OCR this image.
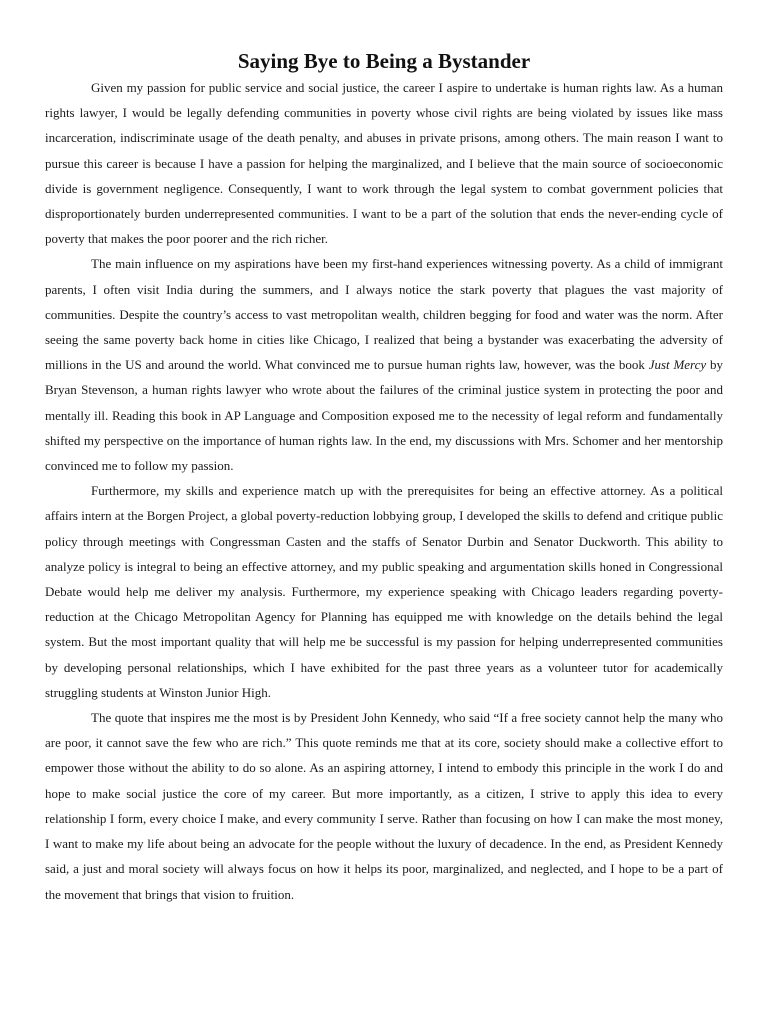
Saying Bye to Being a Bystander

Given my passion for public service and social justice, the career I aspire to undertake is human rights law. As a human rights lawyer, I would be legally defending communities in poverty whose civil rights are being violated by issues like mass incarceration, indiscriminate usage of the death penalty, and abuses in private prisons, among others. The main reason I want to pursue this career is because I have a passion for helping the marginalized, and I believe that the main source of socioeconomic divide is government negligence. Consequently, I want to work through the legal system to combat government policies that disproportionately burden underrepresented communities. I want to be a part of the solution that ends the never-ending cycle of poverty that makes the poor poorer and the rich richer.

The main influence on my aspirations have been my first-hand experiences witnessing poverty. As a child of immigrant parents, I often visit India during the summers, and I always notice the stark poverty that plagues the vast majority of communities. Despite the country’s access to vast metropolitan wealth, children begging for food and water was the norm. After seeing the same poverty back home in cities like Chicago, I realized that being a bystander was exacerbating the adversity of millions in the US and around the world. What convinced me to pursue human rights law, however, was the book Just Mercy by Bryan Stevenson, a human rights lawyer who wrote about the failures of the criminal justice system in protecting the poor and mentally ill. Reading this book in AP Language and Composition exposed me to the necessity of legal reform and fundamentally shifted my perspective on the importance of human rights law. In the end, my discussions with Mrs. Schomer and her mentorship convinced me to follow my passion.

Furthermore, my skills and experience match up with the prerequisites for being an effective attorney. As a political affairs intern at the Borgen Project, a global poverty-reduction lobbying group, I developed the skills to defend and critique public policy through meetings with Congressman Casten and the staffs of Senator Durbin and Senator Duckworth. This ability to analyze policy is integral to being an effective attorney, and my public speaking and argumentation skills honed in Congressional Debate would help me deliver my analysis. Furthermore, my experience speaking with Chicago leaders regarding poverty-reduction at the Chicago Metropolitan Agency for Planning has equipped me with knowledge on the details behind the legal system. But the most important quality that will help me be successful is my passion for helping underrepresented communities by developing personal relationships, which I have exhibited for the past three years as a volunteer tutor for academically struggling students at Winston Junior High.

The quote that inspires me the most is by President John Kennedy, who said “If a free society cannot help the many who are poor, it cannot save the few who are rich.” This quote reminds me that at its core, society should make a collective effort to empower those without the ability to do so alone. As an aspiring attorney, I intend to embody this principle in the work I do and hope to make social justice the core of my career. But more importantly, as a citizen, I strive to apply this idea to every relationship I form, every choice I make, and every community I serve. Rather than focusing on how I can make the most money, I want to make my life about being an advocate for the people without the luxury of decadence. In the end, as President Kennedy said, a just and moral society will always focus on how it helps its poor, marginalized, and neglected, and I hope to be a part of the movement that brings that vision to fruition.
